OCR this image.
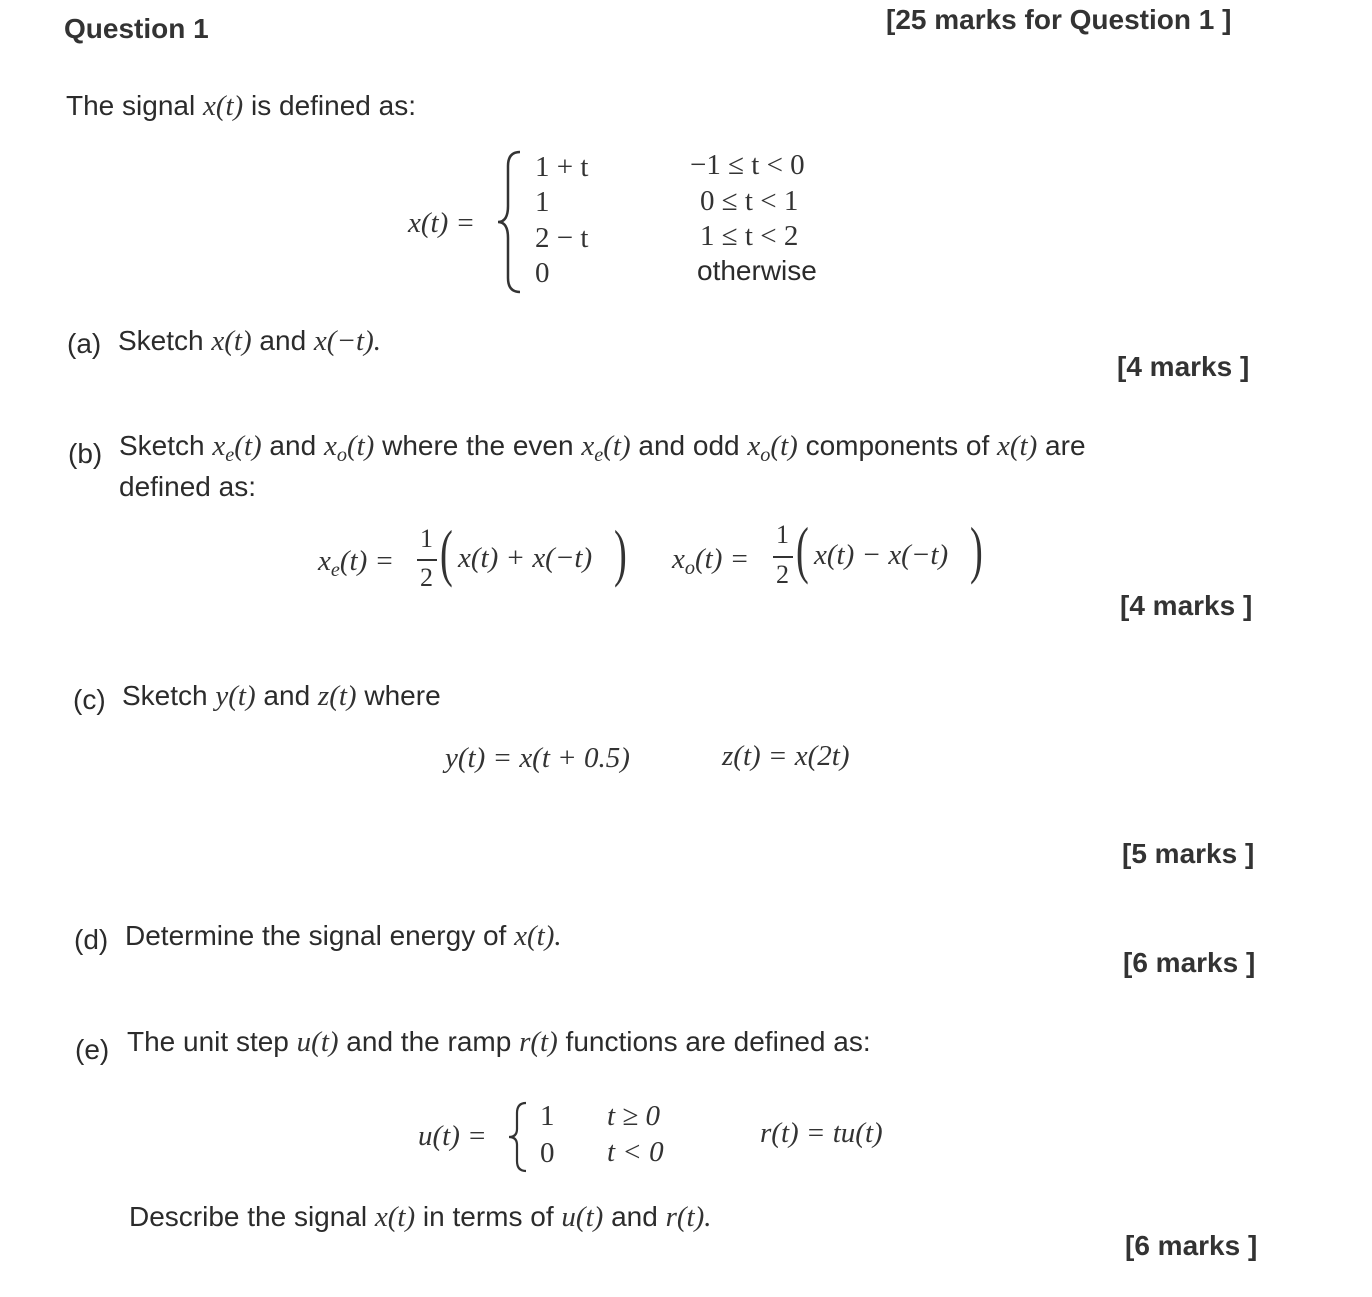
Question 1	[25 marks for Question 1 ]
The signal x(t) is defined as:
x(t) =
1 + t
1
2 − t
0
−1 ≤ t < 0
0 ≤ t < 1
1 ≤ t < 2
otherwise
(a) Sketch x(t) and x(−t).
[4 marks ]
(b) Sketch $x_e(t)$ and $x_o(t)$ where the even $x_e(t)$ and odd $x_o(t)$ components of x(t) are
defined as:
$x_e(t)$ =
1
2 ( x(t) + x(−t) ) $x_o(t)$ =
1
2 ( x(t) − x(−t) )
[4 marks ]
(c) Sketch y(t) and z(t) where
y(t) = x(t + 0.5)	z(t) = x(2t)
[5 marks ]
(d) Determine the signal energy of x(t).
[6 marks ]
(e) The unit step u(t) and the ramp r(t) functions are defined as:
u(t) =
1
0
t ≥ 0
t < 0
r(t) = tu(t)
Describe the signal x(t) in terms of u(t) and r(t).
[6 marks ]
